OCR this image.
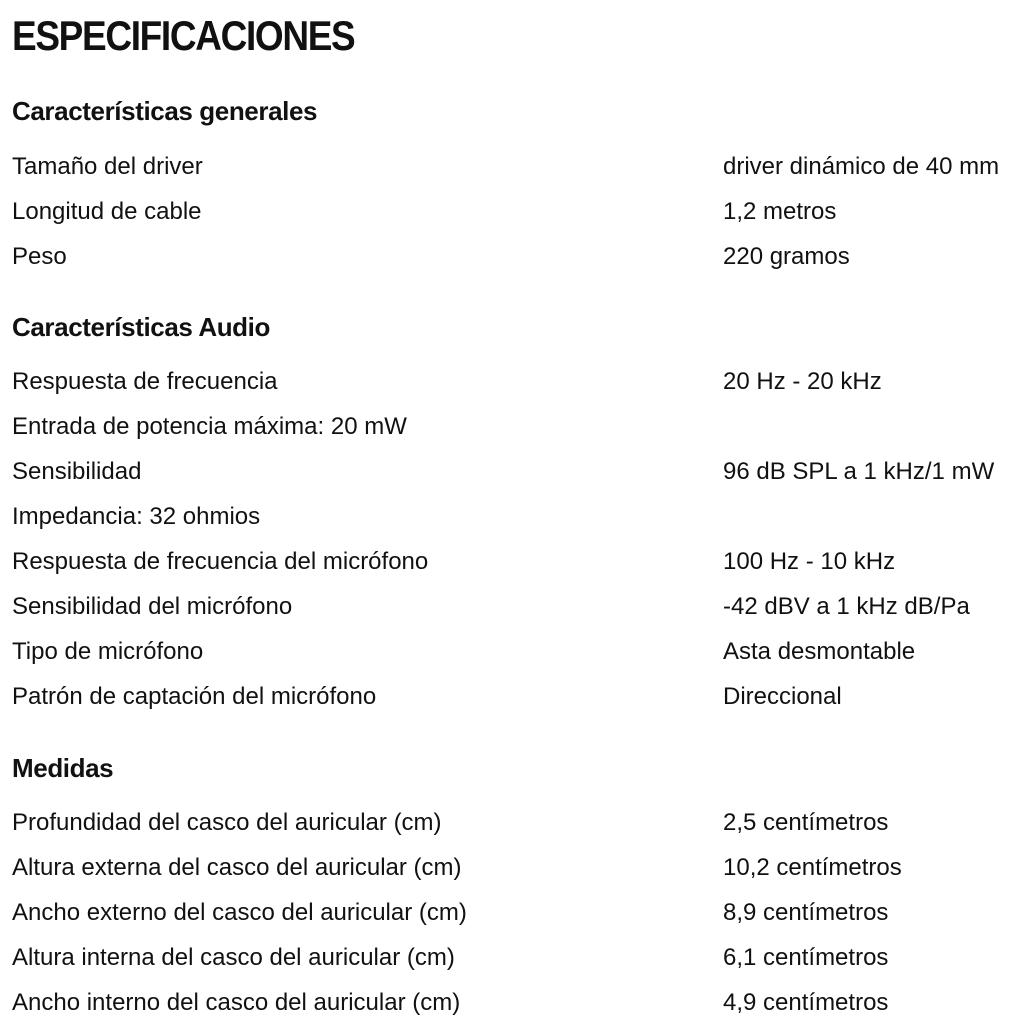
ESPECIFICACIONES
Características generales
Tamaño del driver	driver dinámico de 40 mm
Longitud de cable	1,2 metros
Peso	220 gramos
Características Audio
Respuesta de frecuencia	20 Hz - 20 kHz
Entrada de potencia máxima: 20 mW
Sensibilidad	96 dB SPL a 1 kHz/1 mW
Impedancia: 32 ohmios
Respuesta de frecuencia del micrófono	100 Hz - 10 kHz
Sensibilidad del micrófono	-42 dBV a 1 kHz dB/Pa
Tipo de micrófono	Asta desmontable
Patrón de captación del micrófono	Direccional
Medidas
Profundidad del casco del auricular (cm)	2,5 centímetros
Altura externa del casco del auricular (cm)	10,2 centímetros
Ancho externo del casco del auricular (cm)	8,9 centímetros
Altura interna del casco del auricular (cm)	6,1 centímetros
Ancho interno del casco del auricular (cm)	4,9 centímetros
